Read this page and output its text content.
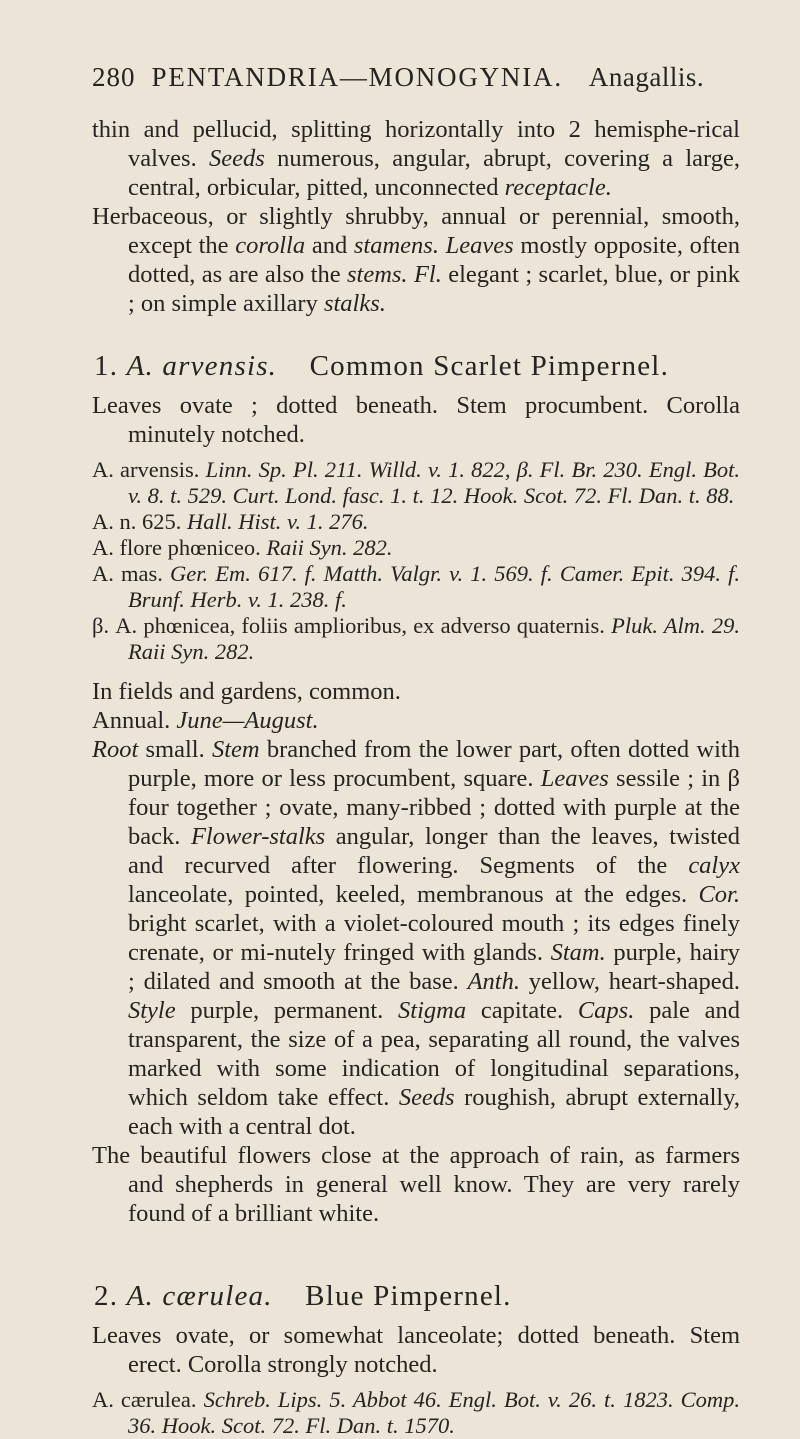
280 PENTANDRIA—MONOGYNIA. Anagallis.

thin and pellucid, splitting horizontally into 2 hemisphe-rical valves. Seeds numerous, angular, abrupt, covering a large, central, orbicular, pitted, unconnected receptacle.

Herbaceous, or slightly shrubby, annual or perennial, smooth, except the corolla and stamens. Leaves mostly opposite, often dotted, as are also the stems. Fl. elegant ; scarlet, blue, or pink ; on simple axillary stalks.

1. A. arvensis. Common Scarlet Pimpernel.

Leaves ovate ; dotted beneath. Stem procumbent. Corolla minutely notched.

A. arvensis. Linn. Sp. Pl. 211. Willd. v. 1. 822, β. Fl. Br. 230. Engl. Bot. v. 8. t. 529. Curt. Lond. fasc. 1. t. 12. Hook. Scot. 72. Fl. Dan. t. 88.

A. n. 625. Hall. Hist. v. 1. 276.

A. flore phœniceo. Raii Syn. 282.

A. mas. Ger. Em. 617. f. Matth. Valgr. v. 1. 569. f. Camer. Epit. 394. f. Brunf. Herb. v. 1. 238. f.

β. A. phœnicea, foliis amplioribus, ex adverso quaternis. Pluk. Alm. 29. Raii Syn. 282.

In fields and gardens, common.

Annual. June—August.

Root small. Stem branched from the lower part, often dotted with purple, more or less procumbent, square. Leaves sessile ; in β four together ; ovate, many-ribbed ; dotted with purple at the back. Flower-stalks angular, longer than the leaves, twisted and recurved after flowering. Segments of the calyx lanceolate, pointed, keeled, membranous at the edges. Cor. bright scarlet, with a violet-coloured mouth ; its edges finely crenate, or mi-nutely fringed with glands. Stam. purple, hairy ; dilated and smooth at the base. Anth. yellow, heart-shaped. Style purple, permanent. Stigma capitate. Caps. pale and transparent, the size of a pea, separating all round, the valves marked with some indication of longitudinal separations, which seldom take effect. Seeds roughish, abrupt externally, each with a central dot.

The beautiful flowers close at the approach of rain, as farmers and shepherds in general well know. They are very rarely found of a brilliant white.

2. A. cærulea. Blue Pimpernel.

Leaves ovate, or somewhat lanceolate; dotted beneath. Stem erect. Corolla strongly notched.

A. cærulea. Schreb. Lips. 5. Abbot 46. Engl. Bot. v. 26. t. 1823. Comp. 36. Hook. Scot. 72. Fl. Dan. t. 1570.
